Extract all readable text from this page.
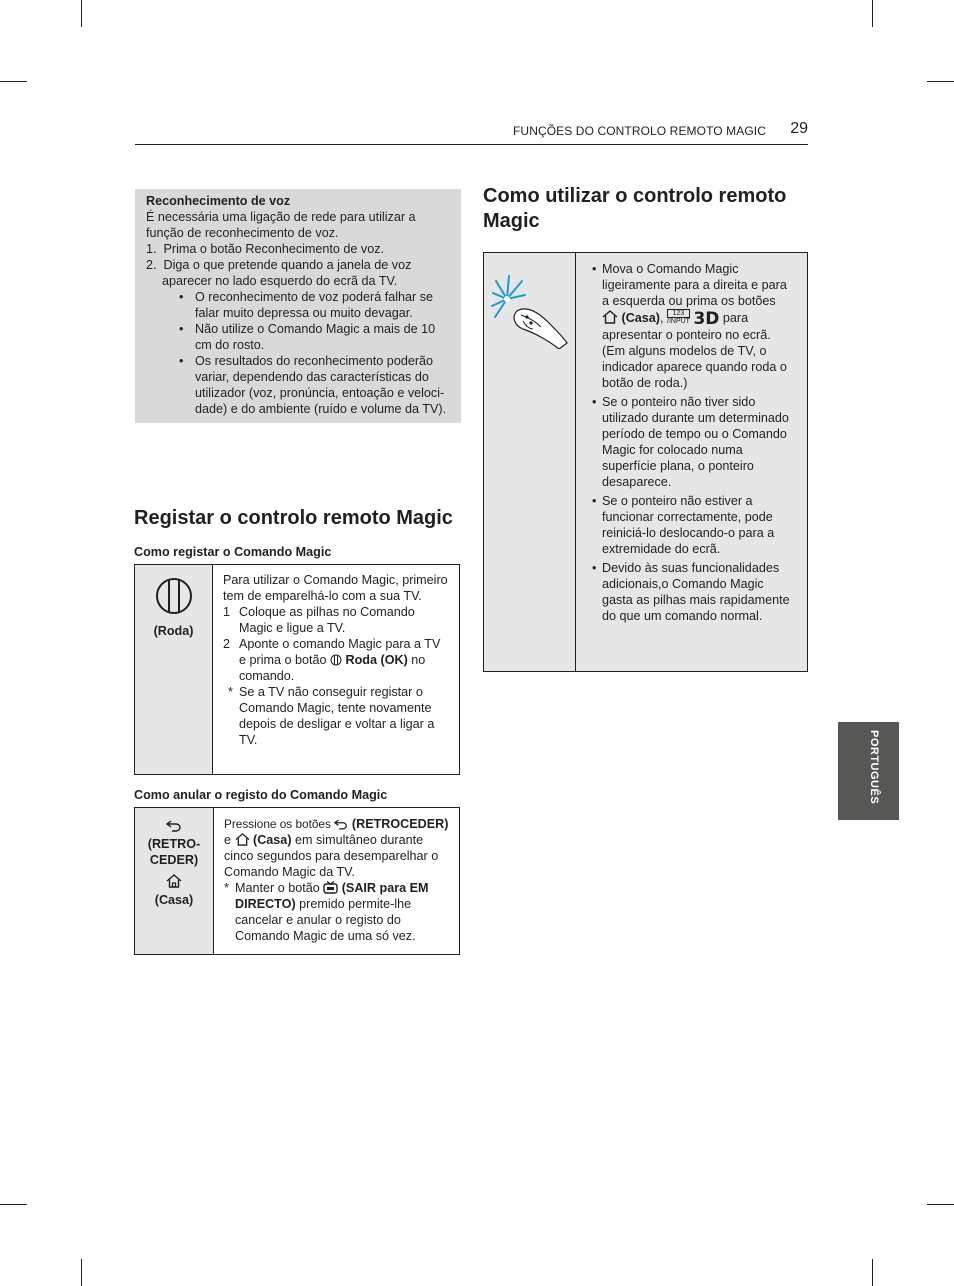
FUNÇÕES DO CONTROLO REMOTO MAGIC 29
PORTUGUÊS
Reconhecimento de voz
É necessária uma ligação de rede para utilizar a função de reconhecimento de voz.
1. Prima o botão Reconhecimento de voz.
2. Diga o que pretende quando a janela de voz aparecer no lado esquerdo do ecrã da TV.
• O reconhecimento de voz poderá falhar se falar muito depressa ou muito devagar.
• Não utilize o Comando Magic a mais de 10 cm do rosto.
• Os resultados do reconhecimento poderão variar, dependendo das características do utilizador (voz, pronúncia, entoação e veloci-dade) e do ambiente (ruído e volume da TV).
Registar o controlo remoto Magic
Como registar o Comando Magic
(Roda)

Para utilizar o Comando Magic, primeiro tem de emparelhá-lo com a sua TV.
1 Coloque as pilhas no Comando Magic e ligue a TV.
2 Aponte o comando Magic para a TV e prima o botão Roda (OK) no comando.
* Se a TV não conseguir registar o Comando Magic, tente novamente depois de desligar e voltar a ligar a TV.
Como anular o registo do Comando Magic
(RETRO-CEDER)
(Casa)

Pressione os botões (RETROCEDER) e (Casa) em simultâneo durante cinco segundos para desemparelhar o Comando Magic da TV.
* Manter o botão (SAIR para EM DIRECTO) premido permite-lhe cancelar e anular o registo do Comando Magic de uma só vez.
Como utilizar o controlo remoto Magic

• Mova o Comando Magic ligeiramente para a direita e para a esquerda ou prima os botões  (Casa), 123
/INPUT 3D para apresentar o ponteiro no ecrã. (Em alguns modelos de TV, o indicador aparece quando roda o botão de roda.)
• Se o ponteiro não tiver sido utilizado durante um determinado período de tempo ou o Comando Magic for colocado numa superfície plana, o ponteiro desaparece.
• Se o ponteiro não estiver a funcionar correctamente, pode reiniciá-lo deslocando-o para a extremidade do ecrã.
• Devido às suas funcionalidades adicionais,o Comando Magic gasta as pilhas mais rapidamente do que um comando normal.
